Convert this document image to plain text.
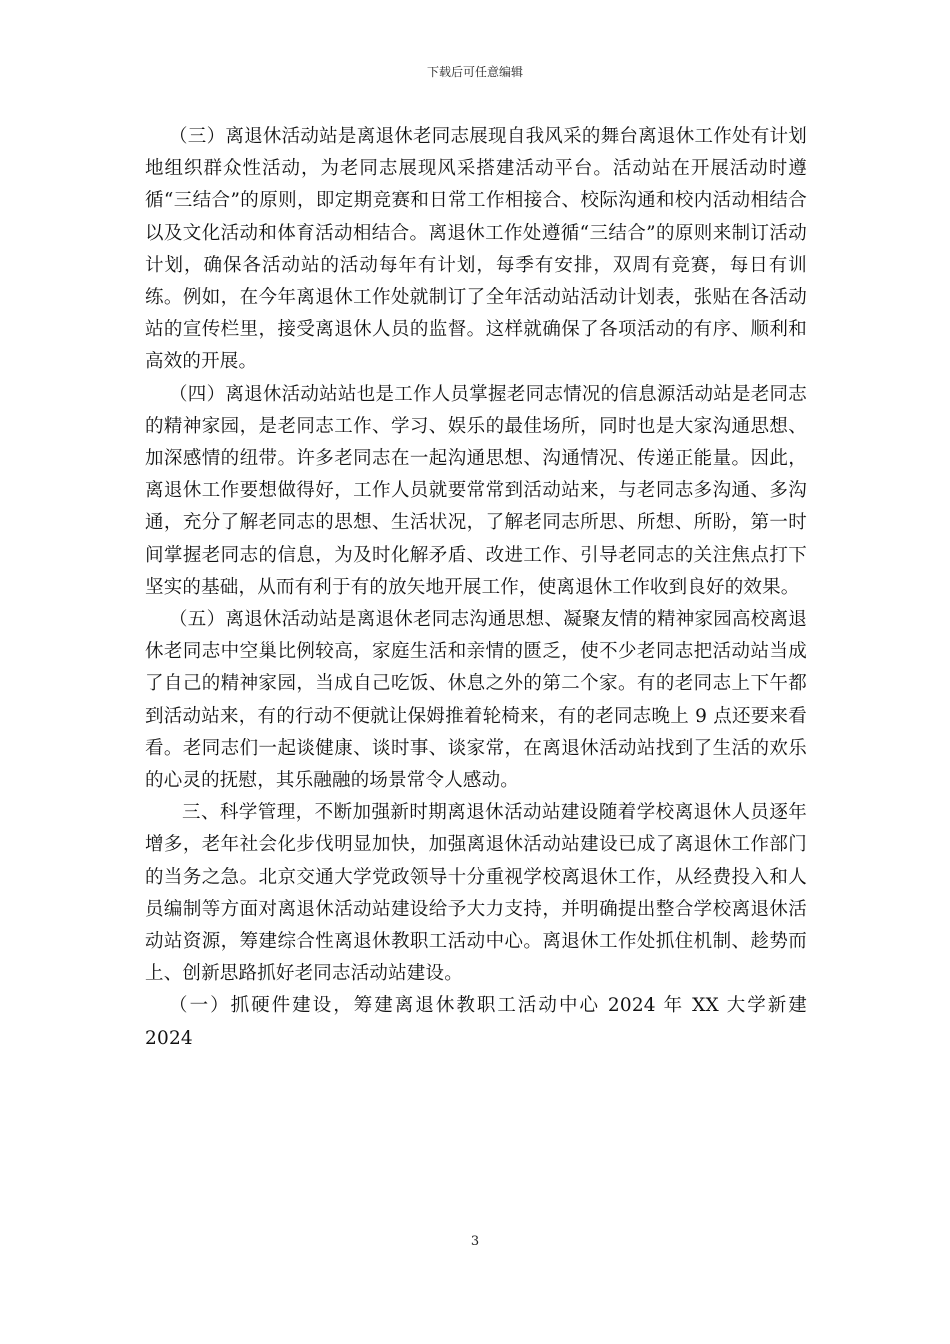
下载后可任意编辑

（三）离退休活动站是离退休老同志展现自我风采的舞台离退休工作处有计划地组织群众性活动，为老同志展现风采搭建活动平台。活动站在开展活动时遵循“三结合”的原则，即定期竞赛和日常工作相接合、校际沟通和校内活动相结合以及文化活动和体育活动相结合。离退休工作处遵循“三结合”的原则来制订活动计划，确保各活动站的活动每年有计划，每季有安排，双周有竞赛，每日有训练。例如，在今年离退休工作处就制订了全年活动站活动计划表，张贴在各活动站的宣传栏里，接受离退休人员的监督。这样就确保了各项活动的有序、顺利和高效的开展。

（四）离退休活动站站也是工作人员掌握老同志情况的信息源活动站是老同志的精神家园，是老同志工作、学习、娱乐的最佳场所，同时也是大家沟通思想、加深感情的纽带。许多老同志在一起沟通思想、沟通情况、传递正能量。因此，离退休工作要想做得好，工作人员就要常常到活动站来，与老同志多沟通、多沟通，充分了解老同志的思想、生活状况，了解老同志所思、所想、所盼，第一时间掌握老同志的信息，为及时化解矛盾、改进工作、引导老同志的关注焦点打下坚实的基础，从而有利于有的放矢地开展工作，使离退休工作收到良好的效果。

（五）离退休活动站是离退休老同志沟通思想、凝聚友情的精神家园高校离退休老同志中空巢比例较高，家庭生活和亲情的匮乏，使不少老同志把活动站当成了自己的精神家园，当成自己吃饭、休息之外的第二个家。有的老同志上下午都到活动站来，有的行动不便就让保姆推着轮椅来，有的老同志晚上 9 点还要来看看。老同志们一起谈健康、谈时事、谈家常，在离退休活动站找到了生活的欢乐的心灵的抚慰，其乐融融的场景常令人感动。

三、科学管理，不断加强新时期离退休活动站建设随着学校离退休人员逐年增多，老年社会化步伐明显加快，加强离退休活动站建设已成了离退休工作部门的当务之急。北京交通大学党政领导十分重视学校离退休工作，从经费投入和人员编制等方面对离退休活动站建设给予大力支持，并明确提出整合学校离退休活动站资源，筹建综合性离退休教职工活动中心。离退休工作处抓住机制、趁势而上、创新思路抓好老同志活动站建设。

（一）抓硬件建设，筹建离退休教职工活动中心 2024 年 XX 大学新建 2024

3
